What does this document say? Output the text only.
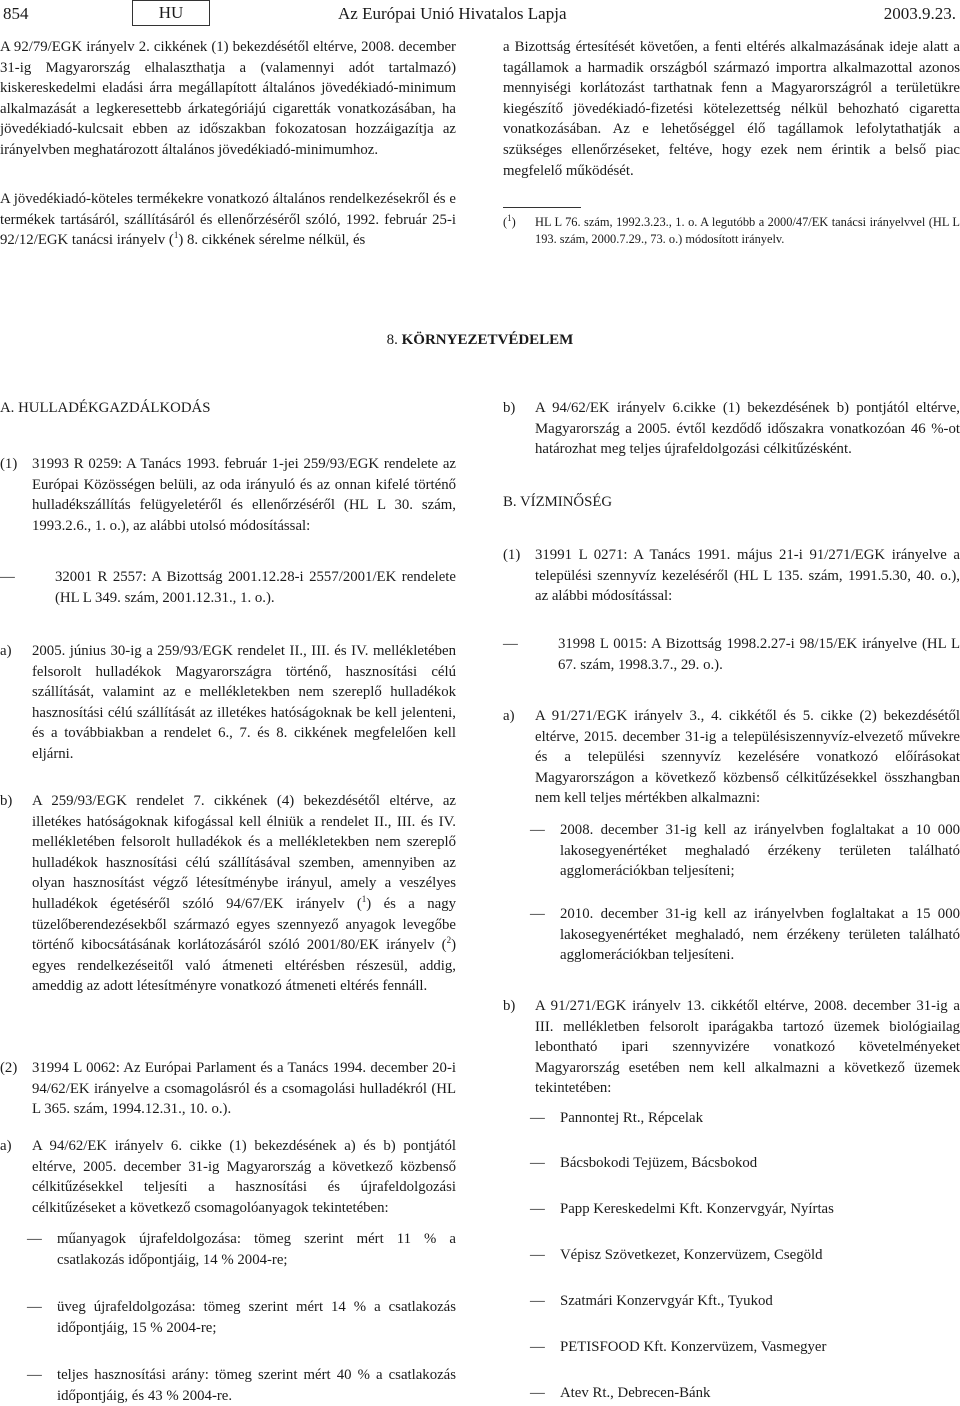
854	HU	Az Európai Unió Hivatalos Lapja	2003.9.23.

A 92/79/EGK irányelv 2. cikkének (1) bekezdésétől eltérve, 2008. december 31-ig Magyarország elhalaszthatja a (valamennyi adót tartalmazó) kiskereskedelmi eladási árra megállapított általános jövedékiadó-minimum alkalmazását a legkeresettebb árkategóriájú cigaretták vonatkozásában, ha jövedékiadó-kulcsait ebben az időszakban fokozatosan hozzáigazítja az irányelvben meghatározott általános jövedékiadó-minimumhoz.

A jövedékiadó-köteles termékekre vonatkozó általános rendelkezésekről és e termékek tartásáról, szállításáról és ellenőrzéséről szóló, 1992. február 25-i 92/12/EGK tanácsi irányelv ($^1$) 8. cikkének sérelme nélkül, és

a Bizottság értesítését követően, a fenti eltérés alkalmazásának ideje alatt a tagállamok a harmadik országból származó importra alkalmazottal azonos mennyiségi korlátozást tarthatnak fenn a Magyarországról a területükre kiegészítő jövedékiadó-fizetési kötelezettség nélkül behozható cigaretta vonatkozásában. Az e lehetőséggel élő tagállamok lefolytathatják a szükséges ellenőrzéseket, feltéve, hogy ezek nem érintik a belső piac megfelelő működését.

($^1$)	HL L 76. szám, 1992.3.23., 1. o. A legutóbb a 2000/47/EK tanácsi irányelvvel (HL L 193. szám, 2000.7.29., 73. o.) módosított irányelv.
8. KÖRNYEZETVÉDELEM
A. HULLADÉKGAZDÁLKODÁS
(1) 31993 R 0259: A Tanács 1993. február 1-jei 259/93/EGK rendelete az Európai Közösségen belüli, az oda irányuló és az onnan kifelé történő hulladékszállítás felügyeletéről és ellenőrzéséről (HL L 30. szám, 1993.2.6., 1. o.), az alábbi utolsó módosítással:
—	32001 R 2557: A Bizottság 2001.12.28-i 2557/2001/EK rendelete (HL L 349. szám, 2001.12.31., 1. o.).
a)	2005. június 30-ig a 259/93/EGK rendelet II., III. és IV. mellékletében felsorolt hulladékok Magyarországra történő, hasznosítási célú szállítását, valamint az e mellékletekben nem szereplő hulladékok hasznosítási célú szállítását az illetékes hatóságoknak be kell jelenteni, és a továbbiakban a rendelet 6., 7. és 8. cikkének megfelelően kell eljárni.
b)	A 259/93/EGK rendelet 7. cikkének (4) bekezdésétől eltérve, az illetékes hatóságoknak kifogással kell élniük a rendelet II., III. és IV. mellékletében felsorolt hulladékok és a mellékletekben nem szereplő hulladékok hasznosítási célú szállításával szemben, amennyiben az olyan hasznosítást végző létesítménybe irányul, amely a veszélyes hulladékok égetéséről szóló 94/67/EK irányelv ($^1$) és a nagy tüzelőberendezésekből származó egyes szennyező anyagok levegőbe történő kibocsátásának korlátozásáról szóló 2001/80/EK irányelv ($^2$) egyes rendelkezéseitől való átmeneti eltérésben részesül, addig, ameddig az adott létesítményre vonatkozó átmeneti eltérés fennáll.
(2) 31994 L 0062: Az Európai Parlament és a Tanács 1994. december 20-i 94/62/EK irányelve a csomagolásról és a csomagolási hulladékról (HL L 365. szám, 1994.12.31., 10. o.).
a)	A 94/62/EK irányelv 6. cikke (1) bekezdésének a) és b) pontjától eltérve, 2005. december 31-ig Magyarország a következő közbenső célkitűzésekkel teljesíti a hasznosítási és újrafeldolgozási célkitűzéseket a következő csomagolóanyagok tekintetében:
—	műanyagok újrafeldolgozása: tömeg szerint mért 11 % a csatlakozás időpontjáig, 14 % 2004-re;
—	üveg újrafeldolgozása: tömeg szerint mért 14 % a csatlakozás időpontjáig, 15 % 2004-re;
—	teljes hasznosítási arány: tömeg szerint mért 40 % a csatlakozás időpontjáig, és 43 % 2004-re.
b)	A 94/62/EK irányelv 6.cikke (1) bekezdésének b) pontjától eltérve, Magyarország a 2005. évtől kezdődő időszakra vonatkozóan 46 %-ot határozhat meg teljes újrafeldolgozási célkitűzésként.
B. VÍZMINŐSÉG
(1) 31991 L 0271: A Tanács 1991. május 21-i 91/271/EGK irányelve a települési szennyvíz kezeléséről (HL L 135. szám, 1991.5.30, 40. o.), az alábbi módosítással:
—	31998 L 0015: A Bizottság 1998.2.27-i 98/15/EK irányelve (HL L 67. szám, 1998.3.7., 29. o.).
a)	A 91/271/EGK irányelv 3., 4. cikkétől és 5. cikke (2) bekezdésétől eltérve, 2015. december 31-ig a településiszennyvíz-elvezető művekre és a települési szennyvíz kezelésére vonatkozó előírásokat Magyarországon a következő közbenső célkitűzésekkel összhangban nem kell teljes mértékben alkalmazni:
—	2008. december 31-ig kell az irányelvben foglaltakat a 10 000 lakosegyenértéket meghaladó érzékeny területen található agglomerációkban teljesíteni;
—	2010. december 31-ig kell az irányelvben foglaltakat a 15 000 lakosegyenértéket meghaladó, nem érzékeny területen található agglomerációkban teljesíteni.
b)	A 91/271/EGK irányelv 13. cikkétől eltérve, 2008. december 31-ig a III. mellékletben felsorolt iparágakba tartozó üzemek biológiailag lebontható ipari szennyvizére vonatkozó követelményeket Magyarország esetében nem kell alkalmazni a következő üzemek tekintetében:
—	Pannontej Rt., Répcelak
—	Bácsbokodi Tejüzem, Bácsbokod
—	Papp Kereskedelmi Kft. Konzervgyár, Nyírtas
—	Vépisz Szövetkezet, Konzervüzem, Csegöld
—	Szatmári Konzervgyár Kft., Tyukod
—	PETISFOOD Kft. Konzervüzem, Vasmegyer
—	Atev Rt., Debrecen-Bánk
